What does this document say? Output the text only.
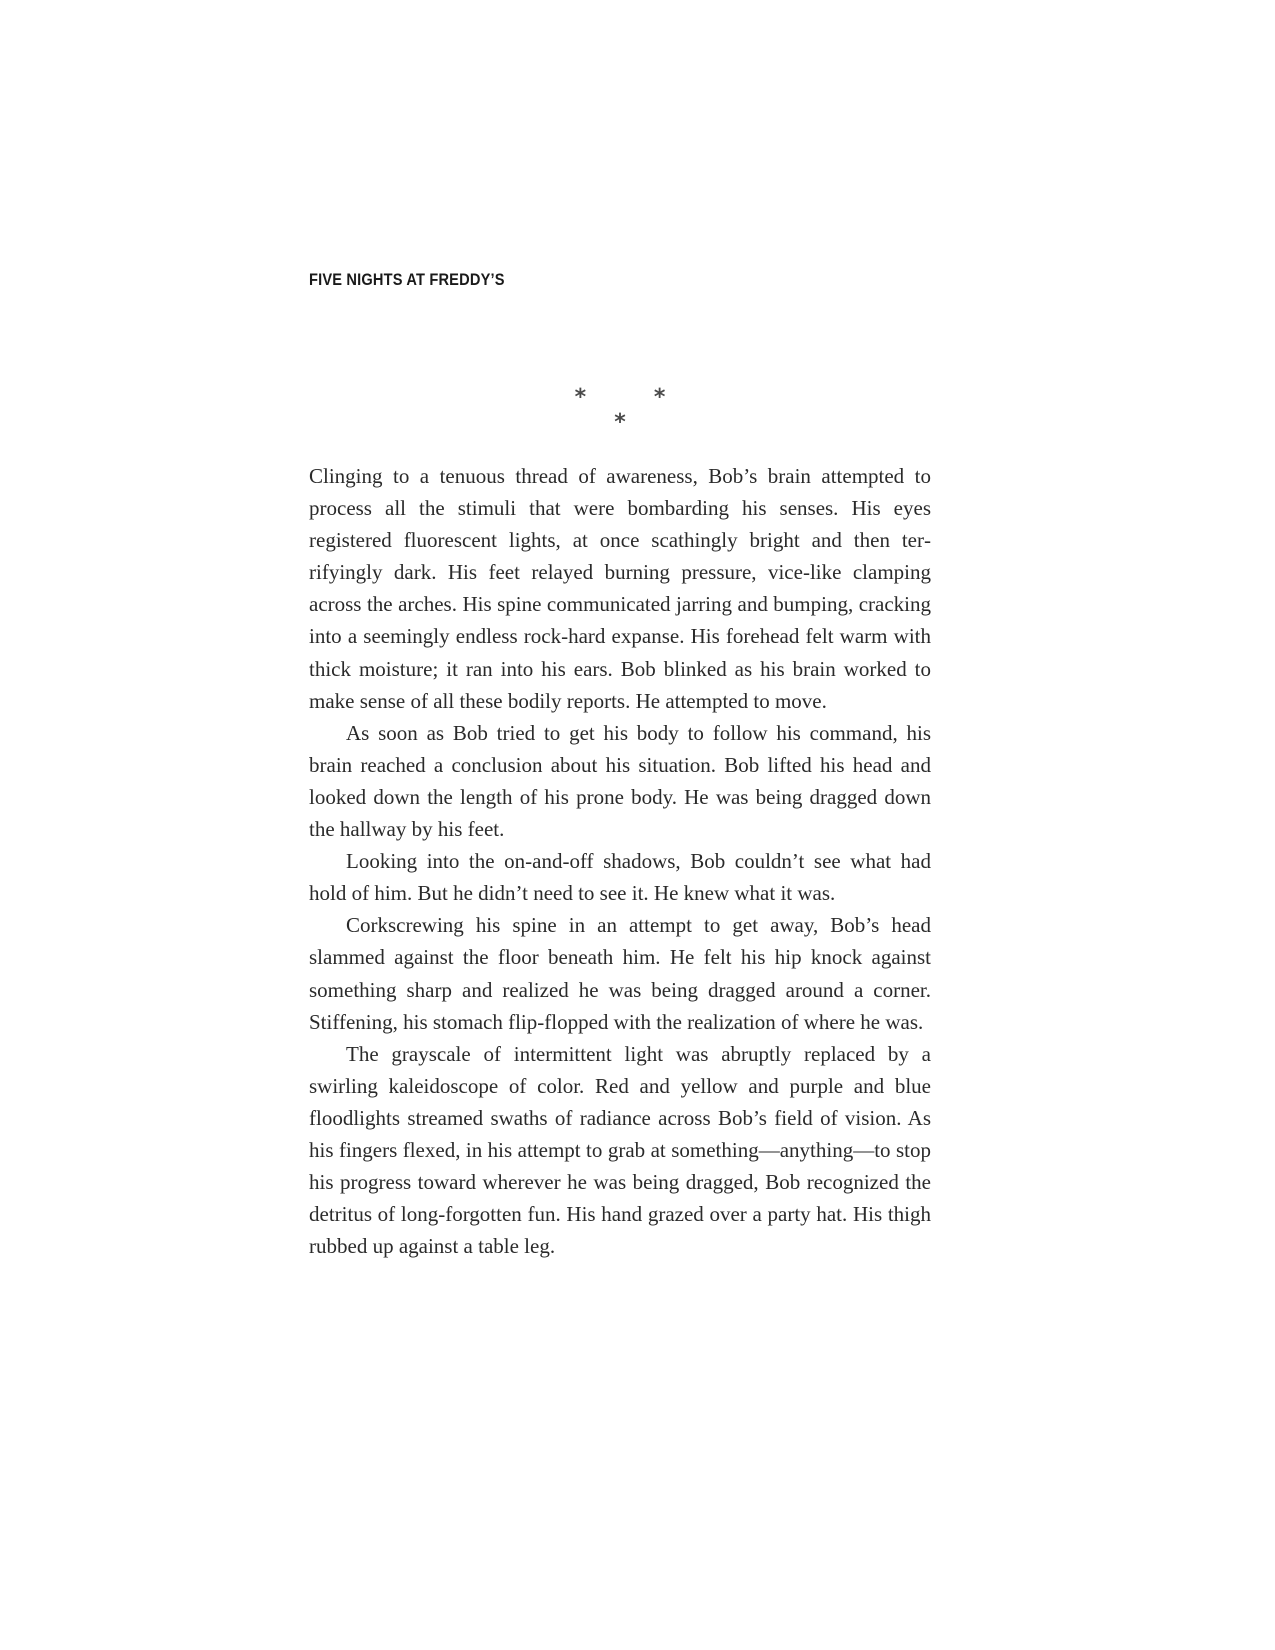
FIVE NIGHTS AT FREDDY’S
* * *

Clinging to a tenuous thread of awareness, Bob’s brain attempted to process all the stimuli that were bombarding his senses. His eyes registered fluorescent lights, at once scathingly bright and then terrifyingly dark. His feet relayed burning pressure, vice-like clamping across the arches. His spine communicated jarring and bumping, cracking into a seemingly endless rock-hard expanse. His forehead felt warm with thick moisture; it ran into his ears. Bob blinked as his brain worked to make sense of all these bodily reports. He attempted to move.

As soon as Bob tried to get his body to follow his command, his brain reached a conclusion about his situation. Bob lifted his head and looked down the length of his prone body. He was being dragged down the hallway by his feet.

Looking into the on-and-off shadows, Bob couldn’t see what had hold of him. But he didn’t need to see it. He knew what it was.

Corkscrewing his spine in an attempt to get away, Bob’s head slammed against the floor beneath him. He felt his hip knock against something sharp and realized he was being dragged around a corner. Stiffening, his stomach flip-flopped with the realization of where he was.

The grayscale of intermittent light was abruptly replaced by a swirling kaleidoscope of color. Red and yellow and purple and blue floodlights streamed swaths of radiance across Bob’s field of vision. As his fingers flexed, in his attempt to grab at something—anything—to stop his progress toward wherever he was being dragged, Bob recognized the detritus of long-forgotten fun. His hand grazed over a party hat. His thigh rubbed up against a table leg.
